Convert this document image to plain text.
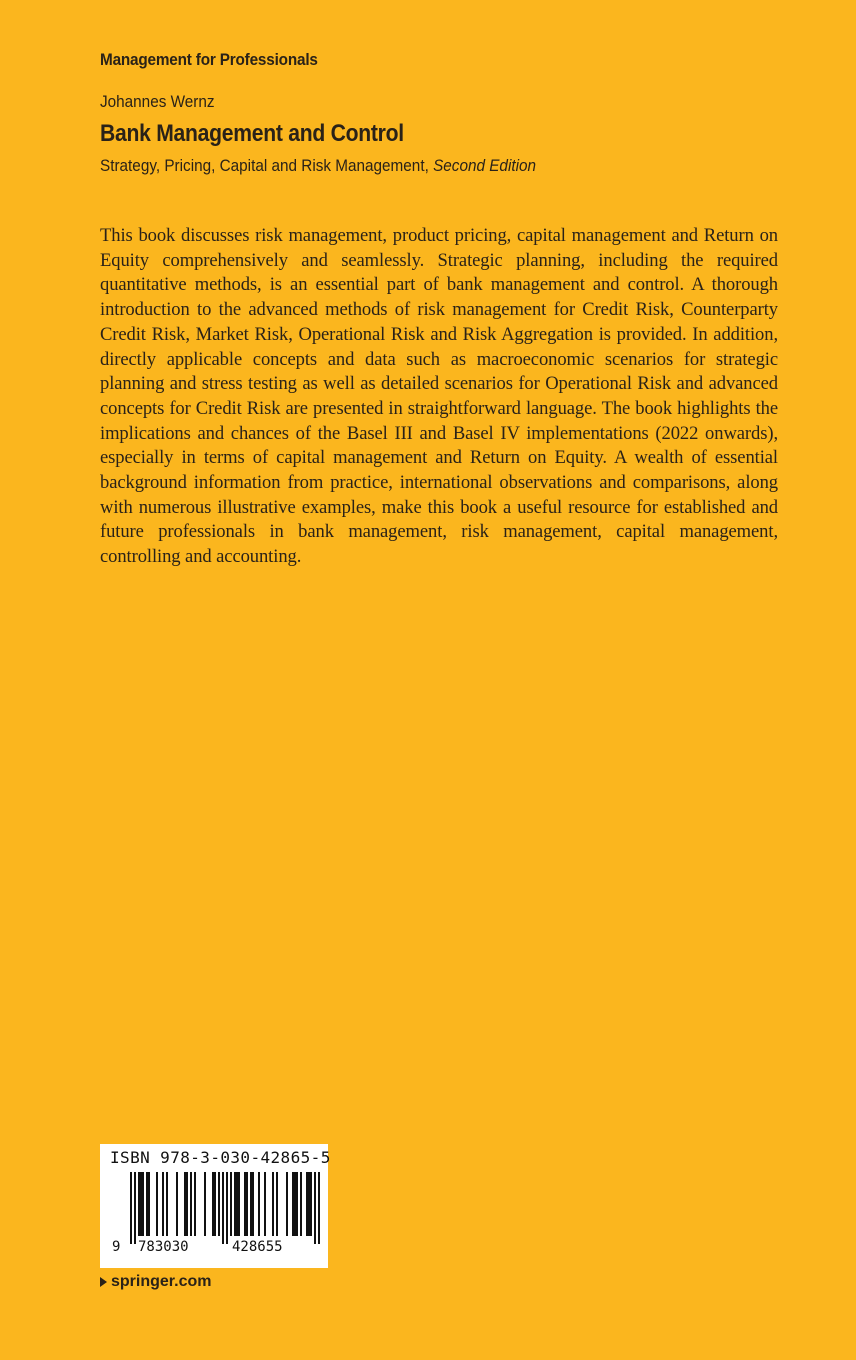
Management for Professionals
Johannes Wernz
Bank Management and Control
Strategy, Pricing, Capital and Risk Management, Second Edition

This book discusses risk management, product pricing, capital management and Return on Equity comprehensively and seamlessly. Strategic planning, including the required quantitative methods, is an essential part of bank management and control. A thorough introduction to the advanced methods of risk management for Credit Risk, Counterparty Credit Risk, Market Risk, Operational Risk and Risk Aggregation is provided. In addition, directly applicable concepts and data such as macroeconomic scenarios for strategic planning and stress testing as well as detailed scenarios for Operational Risk and advanced concepts for Credit Risk are presented in straightforward language. The book highlights the implications and chances of the Basel III and Basel IV implementations (2022 onwards), especially in terms of capital management and Return on Equity. A wealth of essential background information from practice, international observations and comparisons, along with numerous illustrative examples, make this book a useful resource for established and future professionals in bank management, risk management, capital management, controlling and accounting.

ISBN 978-3-030-42865-5
9 783030	428655
springer.com
